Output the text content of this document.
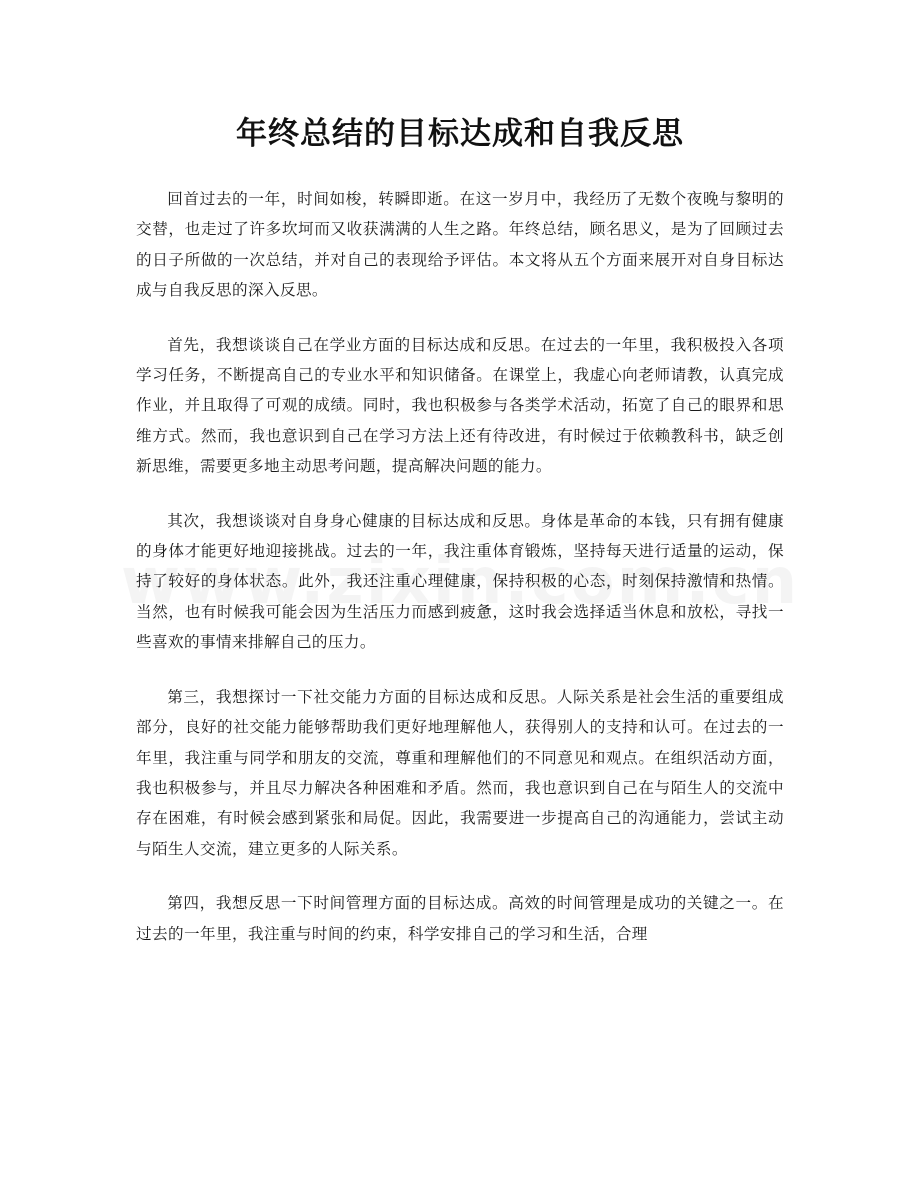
年终总结的目标达成和自我反思

回首过去的一年，时间如梭，转瞬即逝。在这一岁月中，我经历了无数个夜晚与黎明的交替，也走过了许多坎坷而又收获满满的人生之路。年终总结，顾名思义，是为了回顾过去的日子所做的一次总结，并对自己的表现给予评估。本文将从五个方面来展开对自身目标达成与自我反思的深入反思。

首先，我想谈谈自己在学业方面的目标达成和反思。在过去的一年里，我积极投入各项学习任务，不断提高自己的专业水平和知识储备。在课堂上，我虚心向老师请教，认真完成作业，并且取得了可观的成绩。同时，我也积极参与各类学术活动，拓宽了自己的眼界和思维方式。然而，我也意识到自己在学习方法上还有待改进，有时候过于依赖教科书，缺乏创新思维，需要更多地主动思考问题，提高解决问题的能力。

其次，我想谈谈对自身身心健康的目标达成和反思。身体是革命的本钱，只有拥有健康的身体才能更好地迎接挑战。过去的一年，我注重体育锻炼，坚持每天进行适量的运动，保持了较好的身体状态。此外，我还注重心理健康，保持积极的心态，时刻保持激情和热情。当然，也有时候我可能会因为生活压力而感到疲惫，这时我会选择适当休息和放松，寻找一些喜欢的事情来排解自己的压力。

第三，我想探讨一下社交能力方面的目标达成和反思。人际关系是社会生活的重要组成部分，良好的社交能力能够帮助我们更好地理解他人，获得别人的支持和认可。在过去的一年里，我注重与同学和朋友的交流，尊重和理解他们的不同意见和观点。在组织活动方面，我也积极参与，并且尽力解决各种困难和矛盾。然而，我也意识到自己在与陌生人的交流中存在困难，有时候会感到紧张和局促。因此，我需要进一步提高自己的沟通能力，尝试主动与陌生人交流，建立更多的人际关系。

第四，我想反思一下时间管理方面的目标达成。高效的时间管理是成功的关键之一。在过去的一年里，我注重与时间的约束，科学安排自己的学习和生活，合理
